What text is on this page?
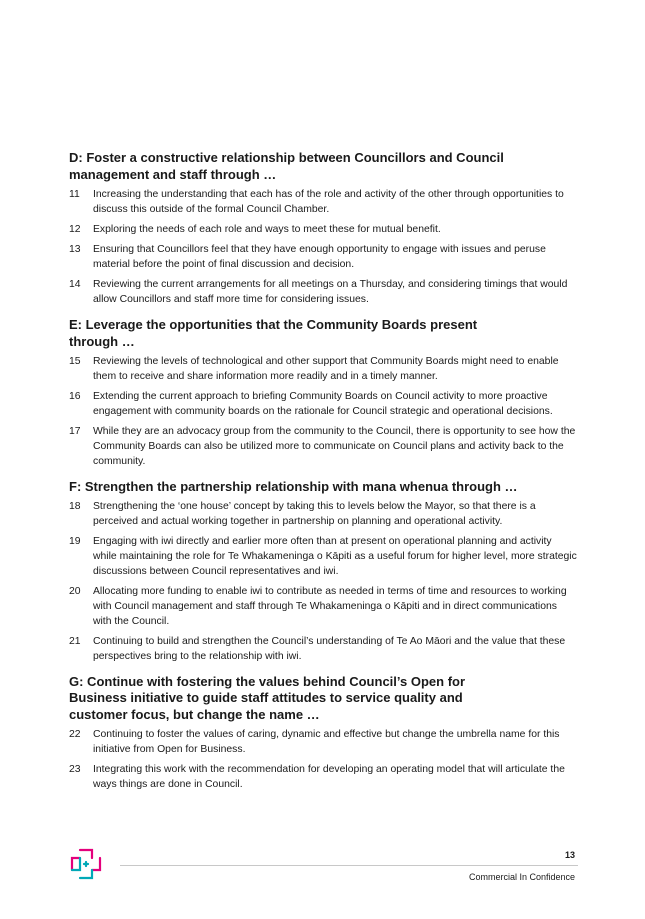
D: Foster a constructive relationship between Councillors and Council management and staff through …
11	Increasing the understanding that each has of the role and activity of the other through opportunities to discuss this outside of the formal Council Chamber.
12	Exploring the needs of each role and ways to meet these for mutual benefit.
13	Ensuring that Councillors feel that they have enough opportunity to engage with issues and peruse material before the point of final discussion and decision.
14	Reviewing the current arrangements for all meetings on a Thursday, and considering timings that would allow Councillors and staff more time for considering issues.
E: Leverage the opportunities that the Community Boards present through …
15	Reviewing the levels of technological and other support that Community Boards might need to enable them to receive and share information more readily and in a timely manner.
16	Extending the current approach to briefing Community Boards on Council activity to more proactive engagement with community boards on the rationale for Council strategic and operational decisions.
17	While they are an advocacy group from the community to the Council, there is opportunity to see how the Community Boards can also be utilized more to communicate on Council plans and activity back to the community.
F: Strengthen the partnership relationship with mana whenua through …
18	Strengthening the ‘one house’ concept by taking this to levels below the Mayor, so that there is a perceived and actual working together in partnership on planning and operational activity.
19	Engaging with iwi directly and earlier more often than at present on operational planning and activity while maintaining the role for Te Whakameninga o Kāpiti as a useful forum for higher level, more strategic discussions between Council representatives and iwi.
20	Allocating more funding to enable iwi to contribute as needed in terms of time and resources to working with Council management and staff through Te Whakameninga o Kāpiti and in direct communications with the Council.
21	Continuing to build and strengthen the Council’s understanding of Te Ao Māori and the value that these perspectives bring to the relationship with iwi.
G: Continue with fostering the values behind Council’s Open for Business initiative to guide staff attitudes to service quality and customer focus, but change the name …
22	Continuing to foster the values of caring, dynamic and effective but change the umbrella name for this initiative from Open for Business.
23	Integrating this work with the recommendation for developing an operating model that will articulate the ways things are done in Council.
13
Commercial In Confidence
